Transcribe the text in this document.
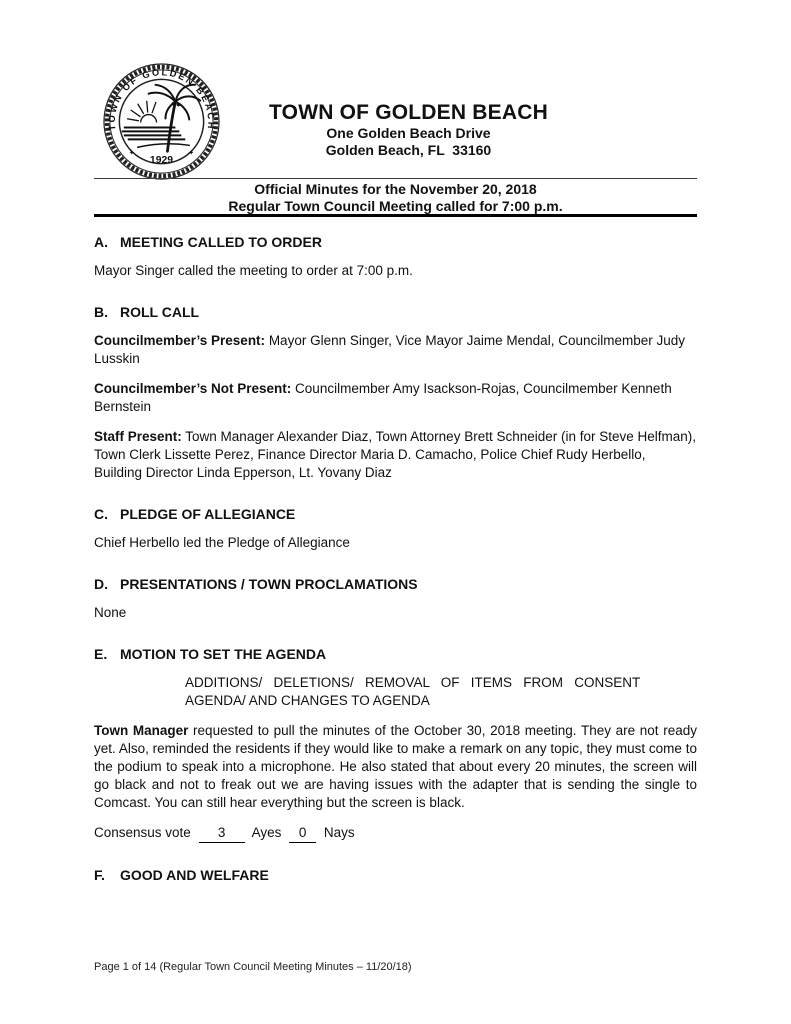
TOWN OF GOLDEN BEACH
✦	✦
1929
TOWN OF GOLDEN BEACH
One Golden Beach Drive
Golden Beach, FL  33160
Official Minutes for the November 20, 2018
Regular Town Council Meeting called for 7:00 p.m.
A. MEETING CALLED TO ORDER
Mayor Singer called the meeting to order at 7:00 p.m.
B. ROLL CALL
Councilmember’s Present: Mayor Glenn Singer, Vice Mayor Jaime Mendal, Councilmember Judy Lusskin
Councilmember’s Not Present: Councilmember Amy Isackson-Rojas, Councilmember Kenneth Bernstein
Staff Present: Town Manager Alexander Diaz, Town Attorney Brett Schneider (in for Steve Helfman), Town Clerk Lissette Perez, Finance Director Maria D. Camacho, Police Chief Rudy Herbello, Building Director Linda Epperson, Lt. Yovany Diaz
C. PLEDGE OF ALLEGIANCE
Chief Herbello led the Pledge of Allegiance
D. PRESENTATIONS / TOWN PROCLAMATIONS
None
E. MOTION TO SET THE AGENDA
ADDITIONS/ DELETIONS/ REMOVAL OF ITEMS FROM CONSENT
AGENDA/ AND CHANGES TO AGENDA
Town Manager requested to pull the minutes of the October 30, 2018 meeting. They are not ready yet. Also, reminded the residents if they would like to make a remark on any topic, they must come to the podium to speak into a microphone. He also stated that about every 20 minutes, the screen will go black and not to freak out we are having issues with the adapter that is sending the single to Comcast. You can still hear everything but the screen is black.
Consensus vote 3 Ayes 0 Nays
F. GOOD AND WELFARE
Page 1 of 14 (Regular Town Council Meeting Minutes – 11/20/18)
